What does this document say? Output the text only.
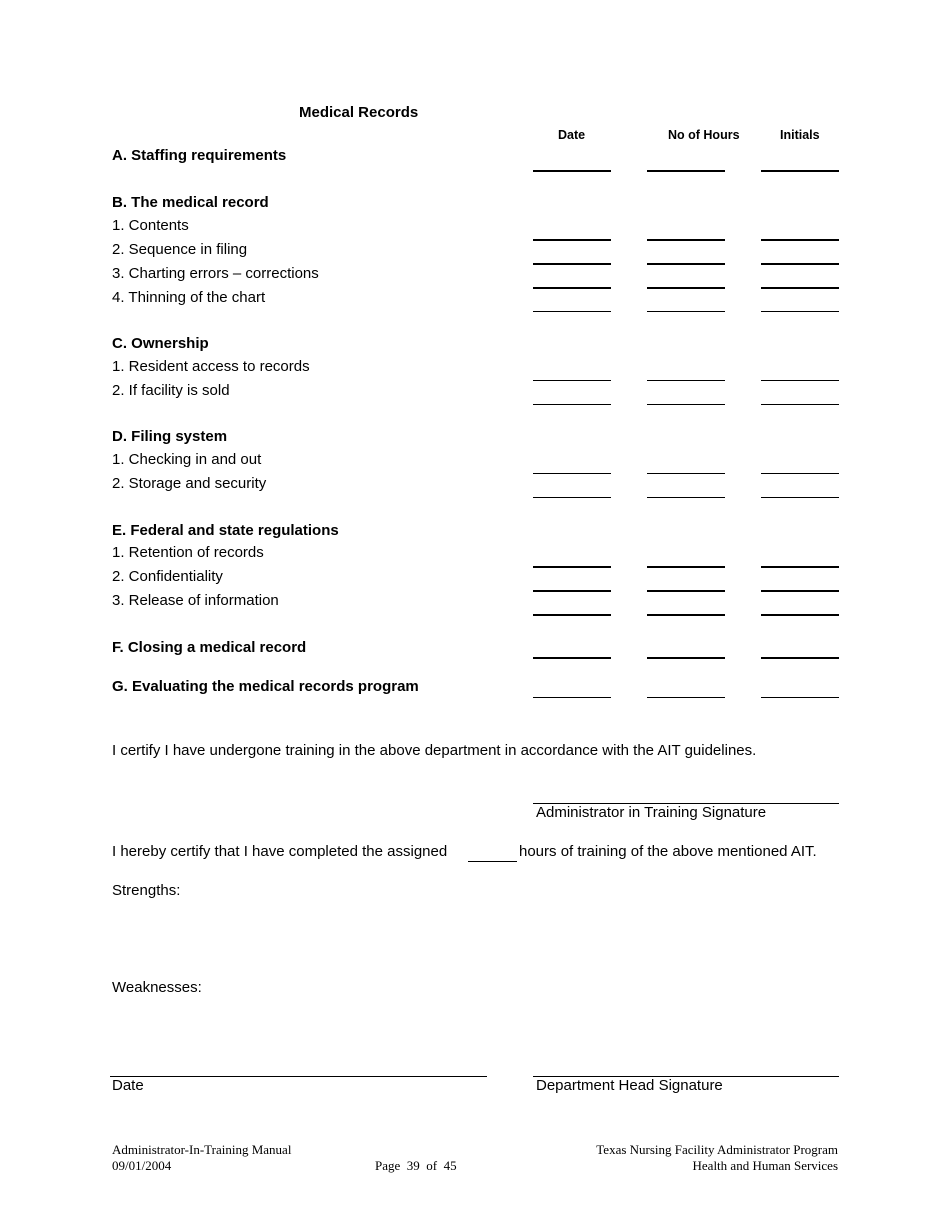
Medical Records
Date	No of Hours	Initials
A. Staffing requirements
B. The medical record
1. Contents
2. Sequence in filing
3. Charting errors – corrections
4. Thinning of the chart
C. Ownership
1. Resident access to records
2. If facility is sold
D. Filing system
1. Checking in and out
2. Storage and security
E. Federal and state regulations
1. Retention of records
2. Confidentiality
3. Release of information
F. Closing a medical record
G. Evaluating the medical records program
I certify I have undergone training in the above department in accordance with the AIT guidelines.
Administrator in Training Signature
I hereby certify that I have completed the assigned	hours of training of the above mentioned AIT.
Strengths:
Weaknesses:
Date	Department Head Signature
Administrator-In-Training Manual
09/01/2004	Page  39  of  45
Texas Nursing Facility Administrator Program
Health and Human Services
